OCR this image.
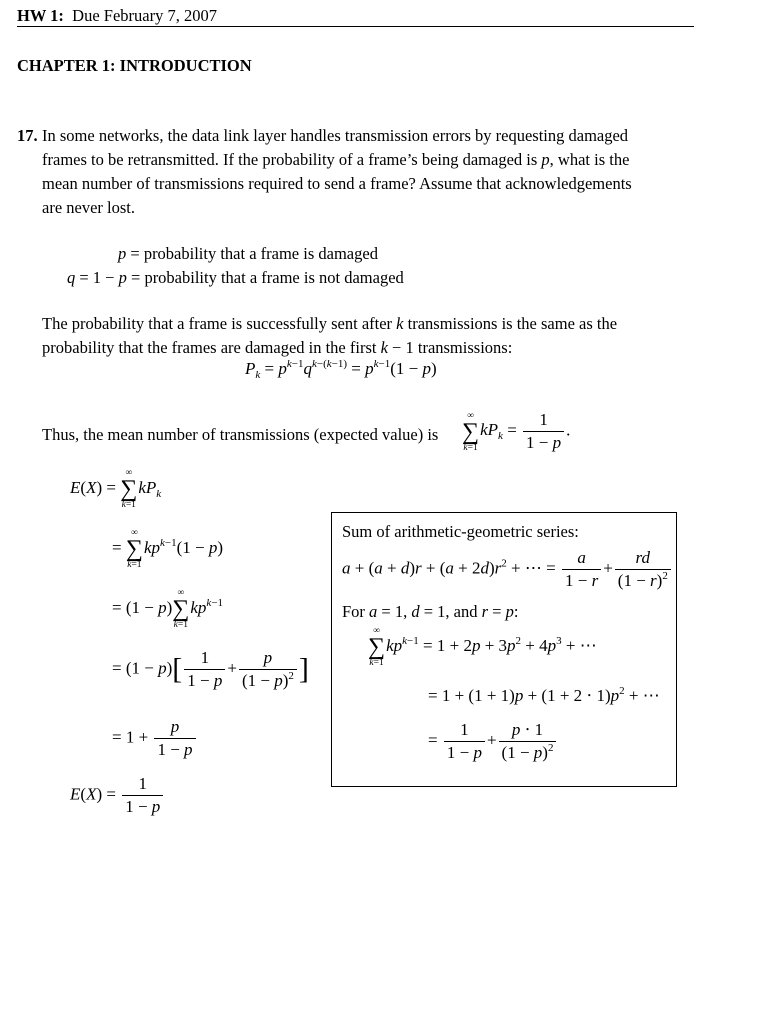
HW 1: Due February 7, 2007
CHAPTER 1: INTRODUCTION
17. In some networks, the data link layer handles transmission errors by requesting damaged
frames to be retransmitted. If the probability of a frame’s being damaged is p, what is the
mean number of transmissions required to send a frame? Assume that acknowledgements
are never lost.
p = probability that a frame is damaged
q = 1 − p = probability that a frame is not damaged
The probability that a frame is successfully sent after k transmissions is the same as the
probability that the frames are damaged in the first k − 1 transmissions:
$P_k = p^{k-1}q^{k-(k-1)} = p^{k-1}(1 - p)$
Thus, the mean number of transmissions (expected value) is
∞
∑
k=1
$kP_k = \frac{1}{1 - p}$ .
E(X) =
∞
∑
k=1
$kP_k$
=
∞
∑
k=1
$kp^{k-1}(1 - p)$
= (1 − p)
∞
∑
k=1
$kp^{k-1}$
= $(1 - p)[ \frac{1}{1 - p} + \frac{p}{(1 - p)^2}$ ]
= $1 + \frac{p}{1 - p}$
$E(X) = \frac{1}{1 - p}$
Sum of arithmetic-geometric series:
$a + (a + d)r + (a + 2d)r^2$ + ⋯ = $\frac{a}{1 - r} + \frac{rd}{(1 - r)^2}$
For a = 1, d = 1, and r = p:
∞
∑
k=1
$kp^{k-1} = 1 + 2p + 3p^2 + 4p^3$ + ⋯
= $1 + (1 + 1)p + (1 + 2 \cdot 1)p^2$ + ⋯
= $\frac{1}{1 - p} + \frac{p \cdot 1}{(1 - p)^2}$
